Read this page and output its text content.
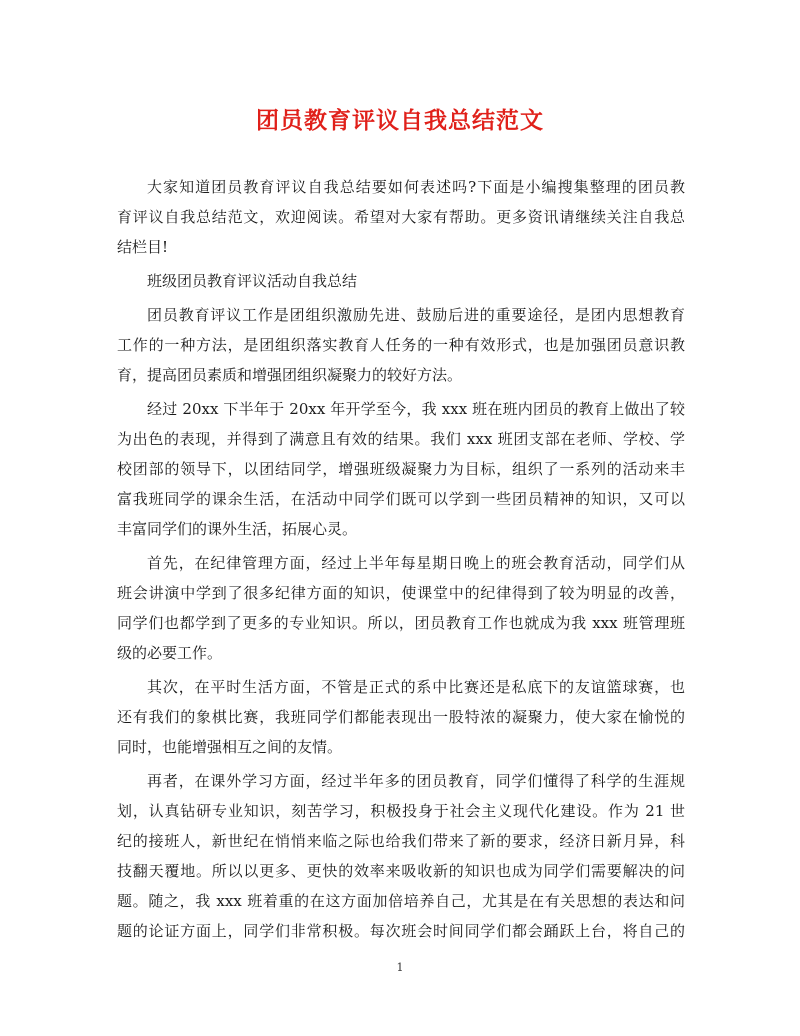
团员教育评议自我总结范文
大家知道团员教育评议自我总结要如何表述吗?下面是小编搜集整理的团员教
育评议自我总结范文，欢迎阅读。希望对大家有帮助。更多资讯请继续关注自我总
结栏目!
班级团员教育评议活动自我总结
团员教育评议工作是团组织激励先进、鼓励后进的重要途径，是团内思想教育
工作的一种方法，是团组织落实教育人任务的一种有效形式，也是加强团员意识教
育，提高团员素质和增强团组织凝聚力的较好方法。
经过 20xx 下半年于 20xx 年开学至今，我 xxx 班在班内团员的教育上做出了较
为出色的表现，并得到了满意且有效的结果。我们 xxx 班团支部在老师、学校、学
校团部的领导下，以团结同学，增强班级凝聚力为目标，组织了一系列的活动来丰
富我班同学的课余生活，在活动中同学们既可以学到一些团员精神的知识，又可以
丰富同学们的课外生活，拓展心灵。
首先，在纪律管理方面，经过上半年每星期日晚上的班会教育活动，同学们从
班会讲演中学到了很多纪律方面的知识，使课堂中的纪律得到了较为明显的改善，
同学们也都学到了更多的专业知识。所以，团员教育工作也就成为我 xxx 班管理班
级的必要工作。
其次，在平时生活方面，不管是正式的系中比赛还是私底下的友谊篮球赛，也
还有我们的象棋比赛，我班同学们都能表现出一股特浓的凝聚力，使大家在愉悦的
同时，也能增强相互之间的友情。
再者，在课外学习方面，经过半年多的团员教育，同学们懂得了科学的生涯规
划，认真钻研专业知识，刻苦学习，积极投身于社会主义现代化建设。作为 21 世
纪的接班人，新世纪在悄悄来临之际也给我们带来了新的要求，经济日新月异，科
技翻天覆地。所以以更多、更快的效率来吸收新的知识也成为同学们需要解决的问
题。随之，我 xxx 班着重的在这方面加倍培养自己，尤其是在有关思想的表达和问
题的论证方面上，同学们非常积极。每次班会时间同学们都会踊跃上台，将自己的
1
